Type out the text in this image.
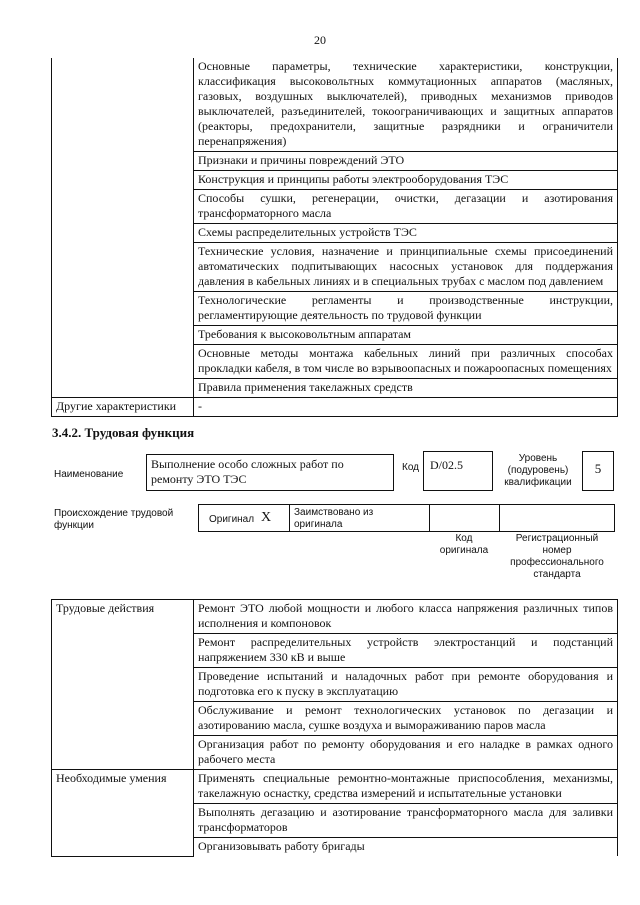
20
	Основные параметры, технические характеристики, конструкции, классификация высоковольтных коммутационных аппаратов (масляных, газовых, воздушных выключателей), приводных механизмов приводов выключателей, разъединителей, токоограничивающих и защитных аппаратов (реакторы, предохранители, защитные разрядники и ограничители перенапряжения)
	Признаки и причины повреждений ЭТО
	Конструкция и принципы работы электрооборудования ТЭС
	Способы сушки, регенерации, очистки, дегазации и азотирования трансформаторного масла
	Схемы распределительных устройств ТЭС
	Технические условия, назначение и принципиальные схемы присоединений автоматических подпитывающих насосных установок для поддержания давления в кабельных линиях и в специальных трубах с маслом под давлением
	Технологические регламенты и производственные инструкции, регламентирующие деятельность по трудовой функции
	Требования к высоковольтным аппаратам
	Основные методы монтажа кабельных линий при различных способах прокладки кабеля, в том числе во взрывоопасных и пожароопасных помещениях
	Правила применения такелажных средств
Другие характеристики	-
3.4.2. Трудовая функция
Наименование
Выполнение особо сложных работ по ремонту ЭТО ТЭС
Код D/02.5	Уровень (подуровень) квалификации
5
Происхождение трудовой функции
Оригинал X Заимствовано из оригинала
Код оригинала
Регистрационный номер профессионального стандарта
Трудовые действия	Ремонт ЭТО любой мощности и любого класса напряжения различных типов исполнения и компоновок
	Ремонт распределительных устройств электростанций и подстанций напряжением 330 кВ и выше
	Проведение испытаний и наладочных работ при ремонте оборудования и подготовка его к пуску в эксплуатацию
	Обслуживание и ремонт технологических установок по дегазации и азотированию масла, сушке воздуха и вымораживанию паров масла
	Организация работ по ремонту оборудования и его наладке в рамках одного рабочего места
Необходимые умения	Применять специальные ремонтно-монтажные приспособления, механизмы, такелажную оснастку, средства измерений и испытательные установки
	Выполнять дегазацию и азотирование трансформаторного масла для заливки трансформаторов
	Организовывать работу бригады
